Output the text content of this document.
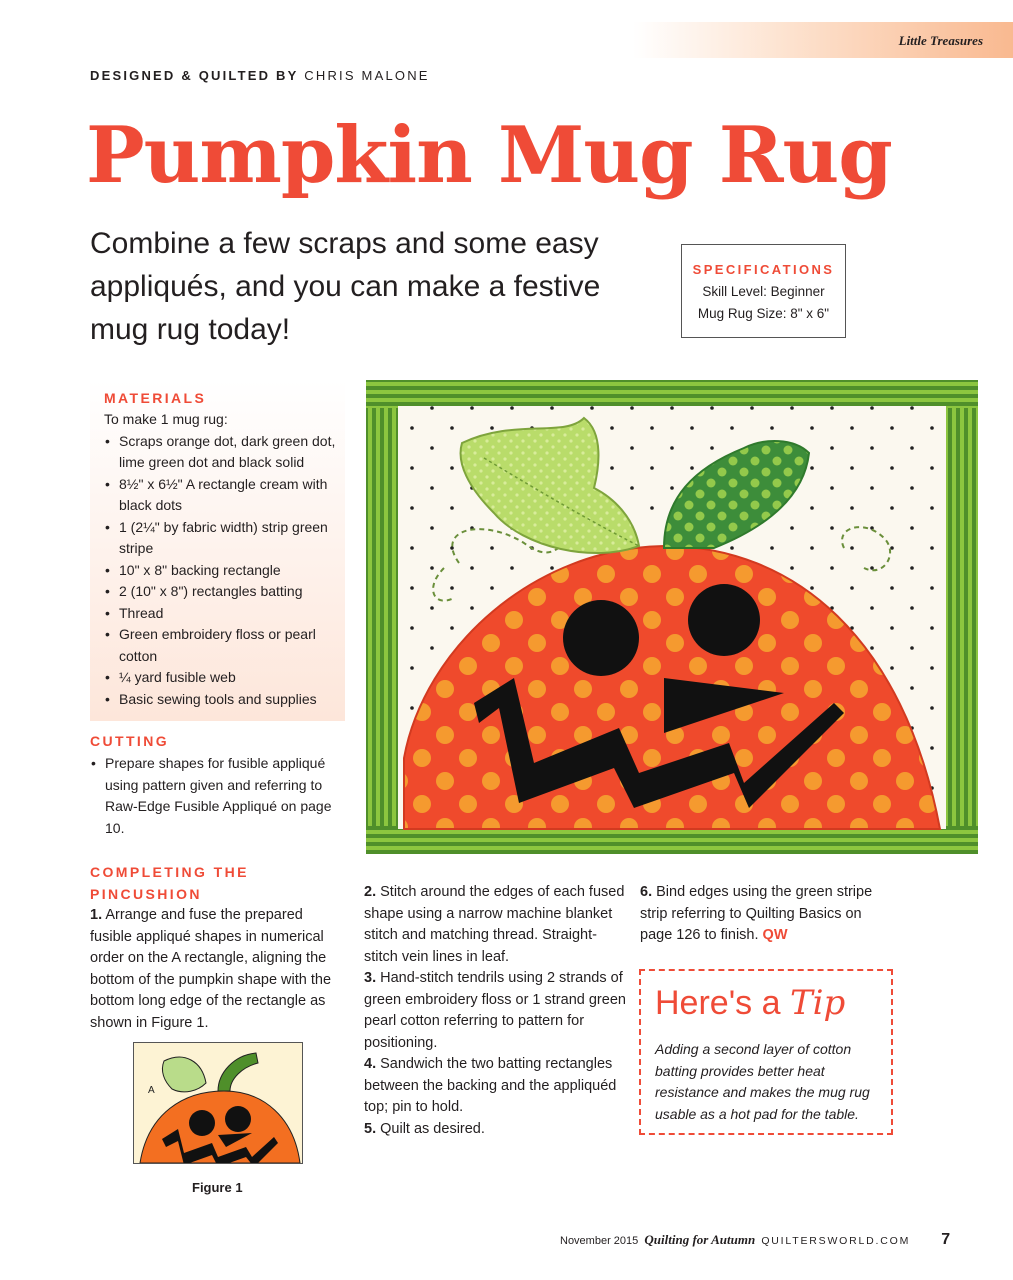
Little Treasures
DESIGNED & QUILTED BY CHRIS MALONE
Pumpkin Mug Rug
Combine a few scraps and some easy appliqués, and you can make a festive mug rug today!
SPECIFICATIONS
Skill Level: Beginner
Mug Rug Size: 8" x 6"
MATERIALS
To make 1 mug rug:
• Scraps orange dot, dark green dot, lime green dot and black solid
• 8½" x 6½" A rectangle cream with black dots
• 1 (2¼" by fabric width) strip green stripe
• 10" x 8" backing rectangle
• 2 (10" x 8") rectangles batting
• Thread
• Green embroidery floss or pearl cotton
• ¼ yard fusible web
• Basic sewing tools and supplies
CUTTING
• Prepare shapes for fusible appliqué using pattern given and referring to Raw-Edge Fusible Appliqué on page 10.
COMPLETING THE PINCUSHION
1. Arrange and fuse the prepared fusible appliqué shapes in numerical order on the A rectangle, aligning the bottom of the pumpkin shape with the bottom long edge of the rectangle as shown in Figure 1.
2. Stitch around the edges of each fused shape using a narrow machine blanket stitch and matching thread. Straight-stitch vein lines in leaf.
3. Hand-stitch tendrils using 2 strands of green embroidery floss or 1 strand green pearl cotton referring to pattern for positioning.
4. Sandwich the two batting rectangles between the backing and the appliquéd top; pin to hold.
5. Quilt as desired.
6. Bind edges using the green stripe strip referring to Quilting Basics on page 126 to finish. QW
Here's a Tip
Adding a second layer of cotton batting provides better heat resistance and makes the mug rug usable as a hot pad for the table.
A
Figure 1
November 2015 Quilting for Autumn QUILTERSWORLD.COM 7
